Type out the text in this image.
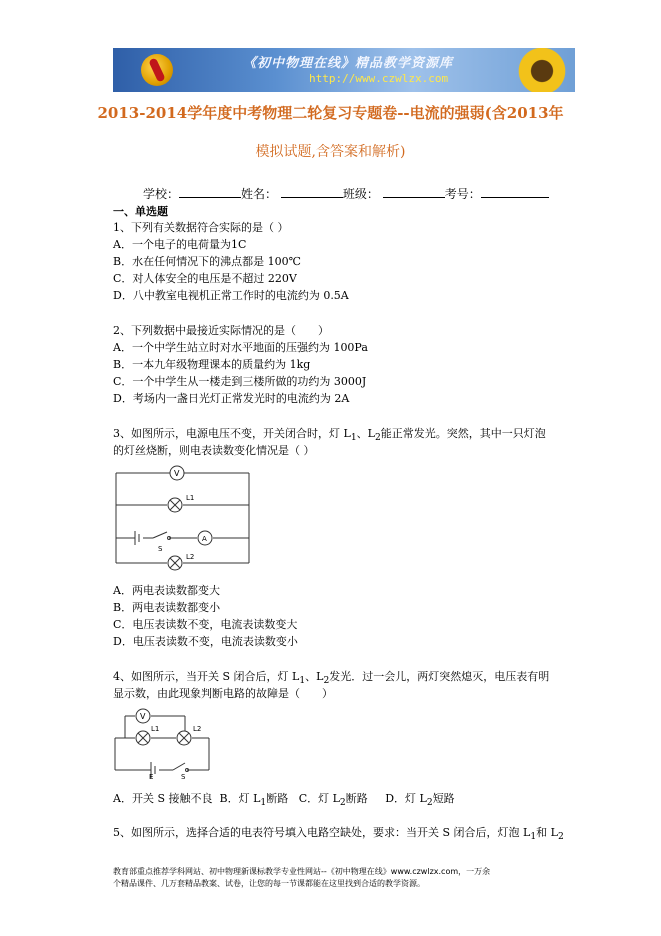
《初中物理在线》精品教学资源库
http://www.czwlzx.com
2013-2014学年度中考物理二轮复习专题卷--电流的强弱(含2013年
模拟试题,含答案和解析)
学校：	姓名：	班级：	考号：
一、单选题
1、下列有关数据符合实际的是（ ）
A．一个电子的电荷量为1C
B．水在任何情况下的沸点都是 100℃
C．对人体安全的电压是不超过 220V
D．八中教室电视机正常工作时的电流约为 0.5A
2、下列数据中最接近实际情况的是（　　）
A．一个中学生站立时对水平地面的压强约为 100Pa
B．一本九年级物理课本的质量约为 1kg
C．一个中学生从一楼走到三楼所做的功约为 3000J
D．考场内一盏日光灯正常发光时的电流约为 2A
3、如图所示，电源电压不变，开关闭合时，灯 $L_1$、$L_2$能正常发光。突然，其中一只灯泡
的灯丝烧断，则电表读数变化情况是（ ）
V
L1
A
S
L2
A．两电表读数都变大
B．两电表读数都变小
C．电压表读数不变，电流表读数变大
D．电压表读数不变，电流表读数变小
4、如图所示，当开关 S 闭合后，灯 $L_1$、$L_2$发光．过一会儿，两灯突然熄灭，电压表有明
显示数，由此现象判断电路的故障是（　　）
V
L1	L2
E	S
A．开关 S 接触不良 B．灯 $L_1$断路 C．灯 $L_2$断路 D．灯 $L_2$短路
5、如图所示，选择合适的电表符号填入电路空缺处，要求：当开关 S 闭合后，灯泡 $L_1$和 $L_2$
教育部重点推荐学科网站、初中物理新课标教学专业性网站--《初中物理在线》www.czwlzx.com，一万余
个精品课件、几万套精品教案、试卷，让您的每一节课都能在这里找到合适的教学资源。
